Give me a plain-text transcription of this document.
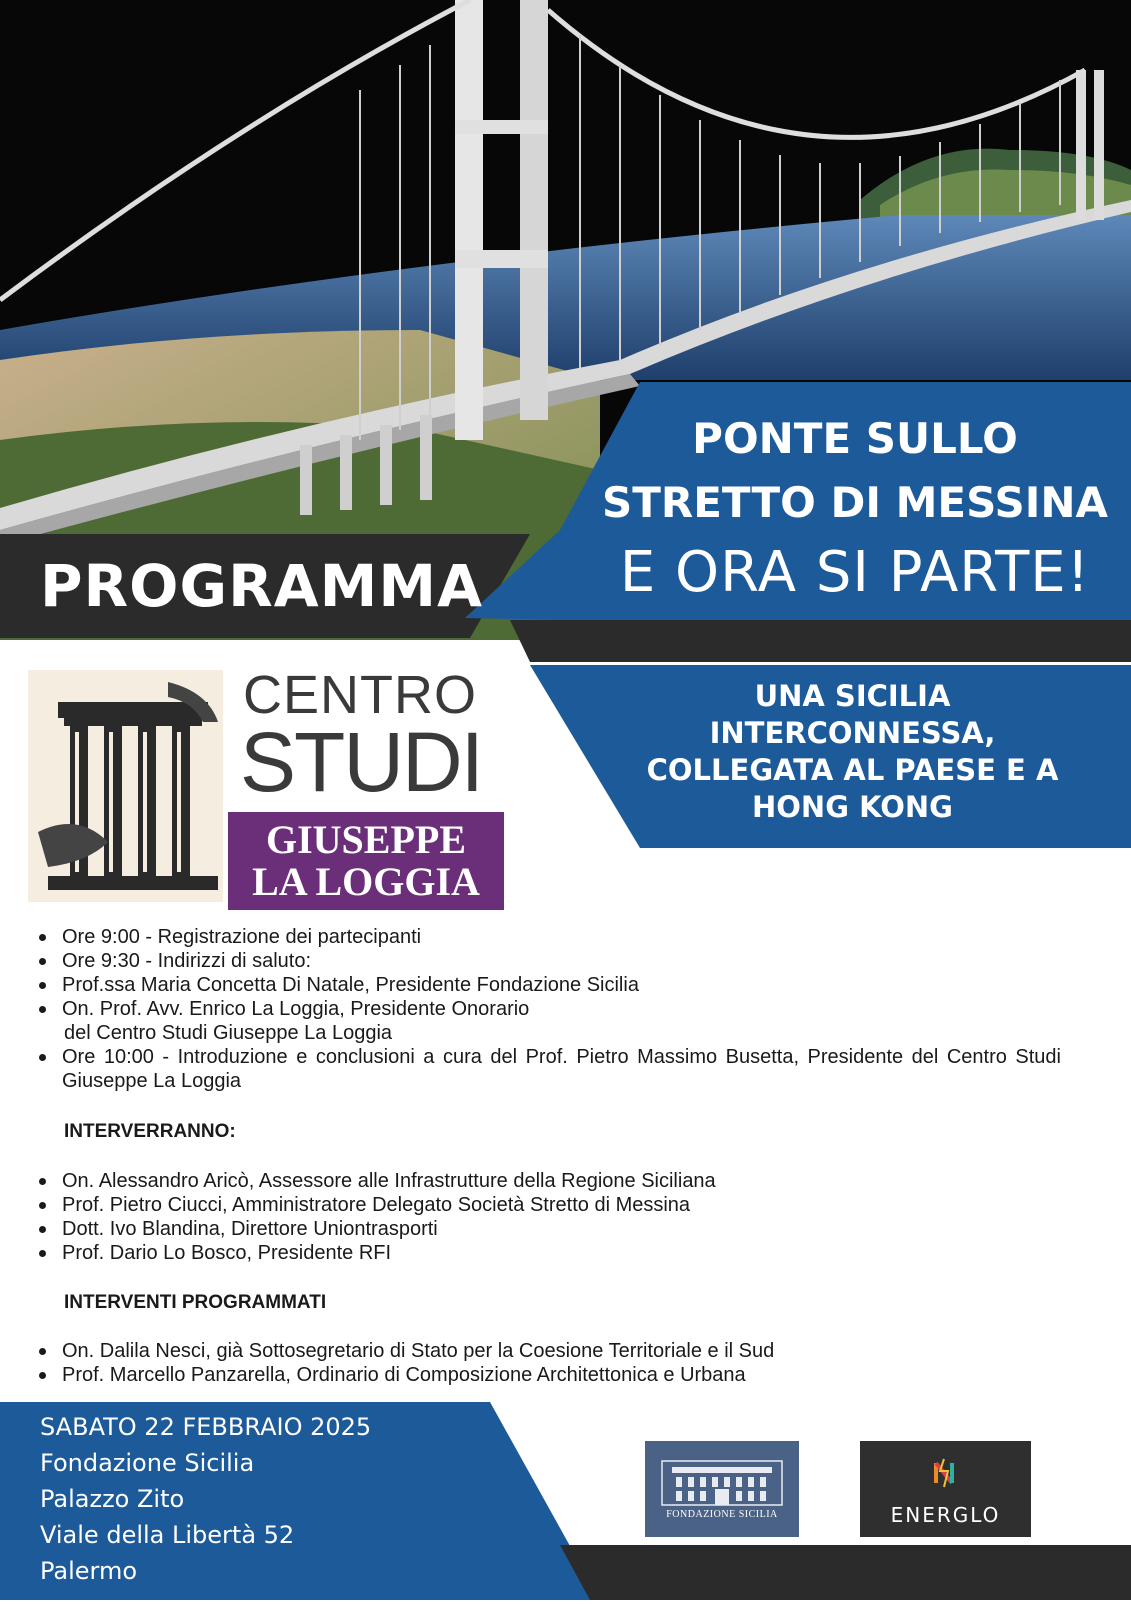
PROGRAMMA
PONTE SULLO
STRETTO DI MESSINA
E ORA SI PARTE!
UNA SICILIA INTERCONNESSA, COLLEGATA AL PAESE E A HONG KONG
CENTRO
STUDI
GIUSEPPE
LA LOGGIA
Ore 9:00 - Registrazione dei partecipanti
Ore 9:30 - Indirizzi di saluto:
Prof.ssa Maria Concetta Di Natale, Presidente Fondazione Sicilia
On. Prof. Avv. Enrico La Loggia, Presidente Onorario
del Centro Studi Giuseppe La Loggia
Ore 10:00 - Introduzione e conclusioni a cura del Prof. Pietro Massimo Busetta, Presidente del Centro Studi Giuseppe La Loggia
INTERVERRANNO:
On. Alessandro Aricò, Assessore alle Infrastrutture della Regione Siciliana
Prof. Pietro Ciucci, Amministratore Delegato Società Stretto di Messina
Dott. Ivo Blandina, Direttore Uniontrasporti
Prof. Dario Lo Bosco, Presidente RFI
INTERVENTI PROGRAMMATI
On. Dalila Nesci, già Sottosegretario di Stato per la Coesione Territoriale e il Sud
Prof. Marcello Panzarella, Ordinario di Composizione Architettonica e Urbana
SABATO 22 FEBBRAIO 2025
Fondazione Sicilia
Palazzo Zito
Viale della Libertà 52
Palermo
FONDAZIONE SICILIA	ENERGLO
